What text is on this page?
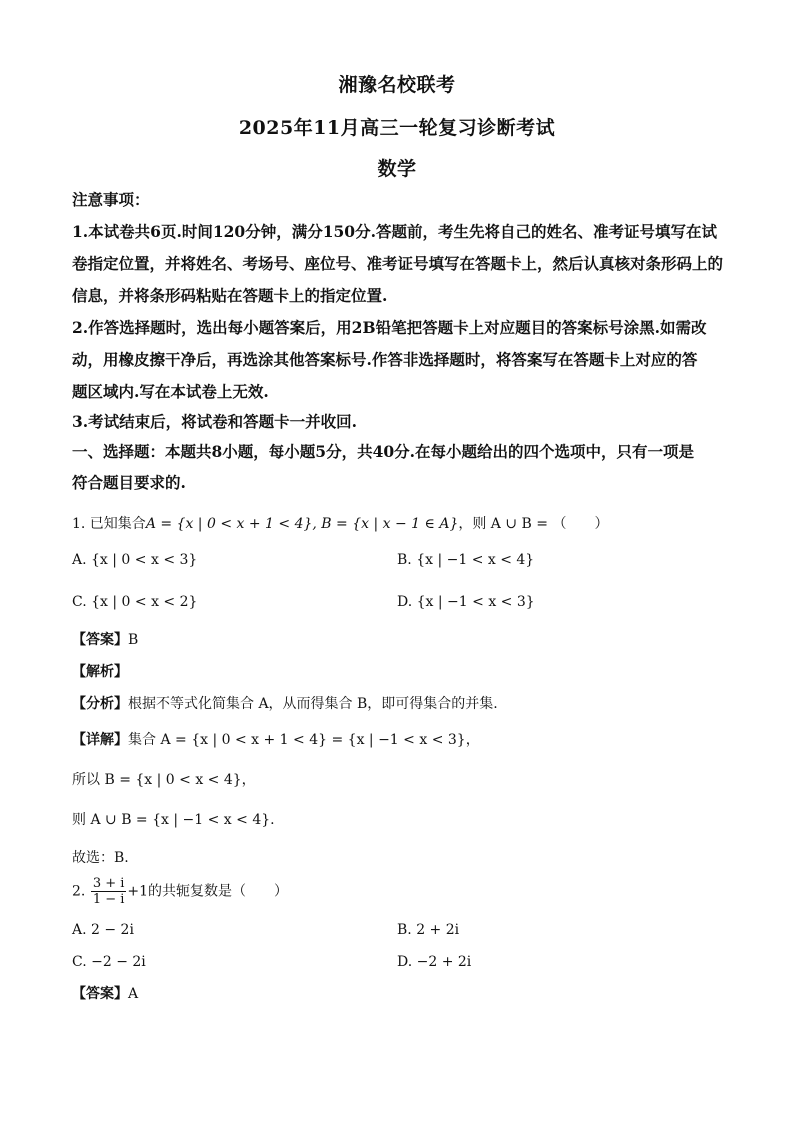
湘豫名校联考
2025年11月高三一轮复习诊断考试
数学
注意事项：
1.本试卷共6页.时间120分钟，满分150分.答题前，考生先将自己的姓名、准考证号填写在试
卷指定位置，并将姓名、考场号、座位号、准考证号填写在答题卡上，然后认真核对条形码上的
信息，并将条形码粘贴在答题卡上的指定位置.
2.作答选择题时，选出每小题答案后，用2B铅笔把答题卡上对应题目的答案标号涂黑.如需改
动，用橡皮擦干净后，再选涂其他答案标号.作答非选择题时，将答案写在答题卡上对应的答
题区域内.写在本试卷上无效.
3.考试结束后，将试卷和答题卡一并收回.
一、选择题：本题共8小题，每小题5分，共40分.在每小题给出的四个选项中，只有一项是
符合题目要求的.
1. 已知集合A = {x | 0 < x + 1 < 4}, B = {x | x − 1 ∈ A}，则 A ∪ B = （　　）
A. {x | 0 < x < 3}	B. {x | −1 < x < 4}
C. {x | 0 < x < 2}	D. {x | −1 < x < 3}
【答案】B
【解析】
【分析】根据不等式化简集合 A，从而得集合 B，即可得集合的并集.
【详解】集合 A = {x | 0 < x + 1 < 4} = {x | −1 < x < 3}，
所以 B = {x | 0 < x < 4}，
则 A ∪ B = {x | −1 < x < 4}.
故选：B.
2. $\frac{3 + i}{1 - i} +1$的共轭复数是（　　）
A. 2 − 2i	B. 2 + 2i
C. −2 − 2i	D. −2 + 2i
【答案】A
